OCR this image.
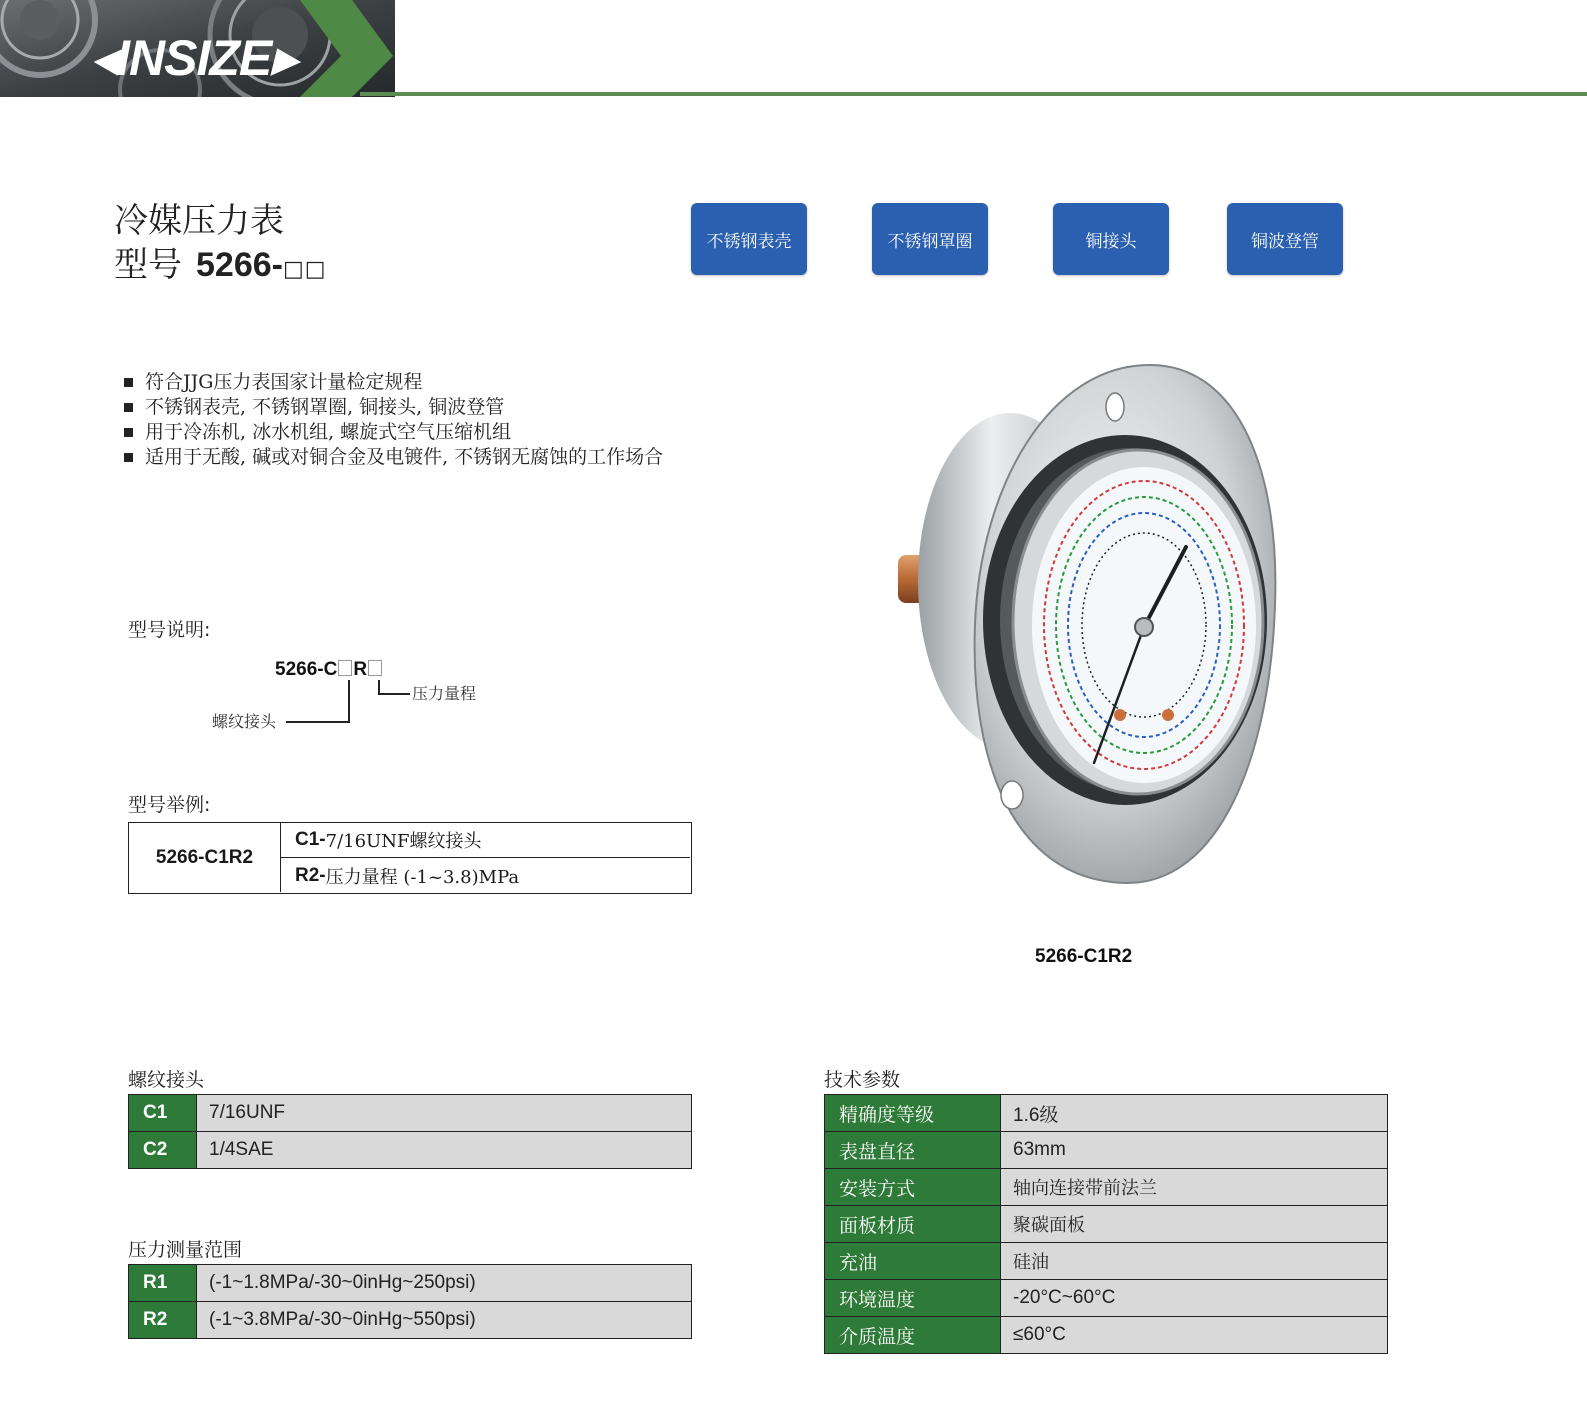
◂INSIZE▸
冷媒压力表
型号 5266-□□
不锈钢表壳	不锈钢罩圈	铜接头	铜波登管
符合JJG压力表国家计量检定规程
不锈钢表壳, 不锈钢罩圈, 铜接头, 铜波登管
用于冷冻机, 冰水机组, 螺旋式空气压缩机组
适用于无酸, 碱或对铜合金及电镀件, 不锈钢无腐蚀的工作场合
型号说明:
5266-C R
压力量程
螺纹接头
型号举例:
5266-C1R2
C1- 7/16UNF螺纹接头
R2- 压力量程 (-1~3.8)MPa
5266-C1R2
螺纹接头
C1	7/16UNF
C2	1/4SAE
压力测量范围
R1	(-1~1.8MPa/-30~0inHg~250psi)
R2	(-1~3.8MPa/-30~0inHg~550psi)
技术参数
精确度等级	1.6级
表盘直径	63mm
安装方式	轴向连接带前法兰
面板材质	聚碳面板
充油	硅油
环境温度	-20°C~60°C
介质温度	≤60°C
